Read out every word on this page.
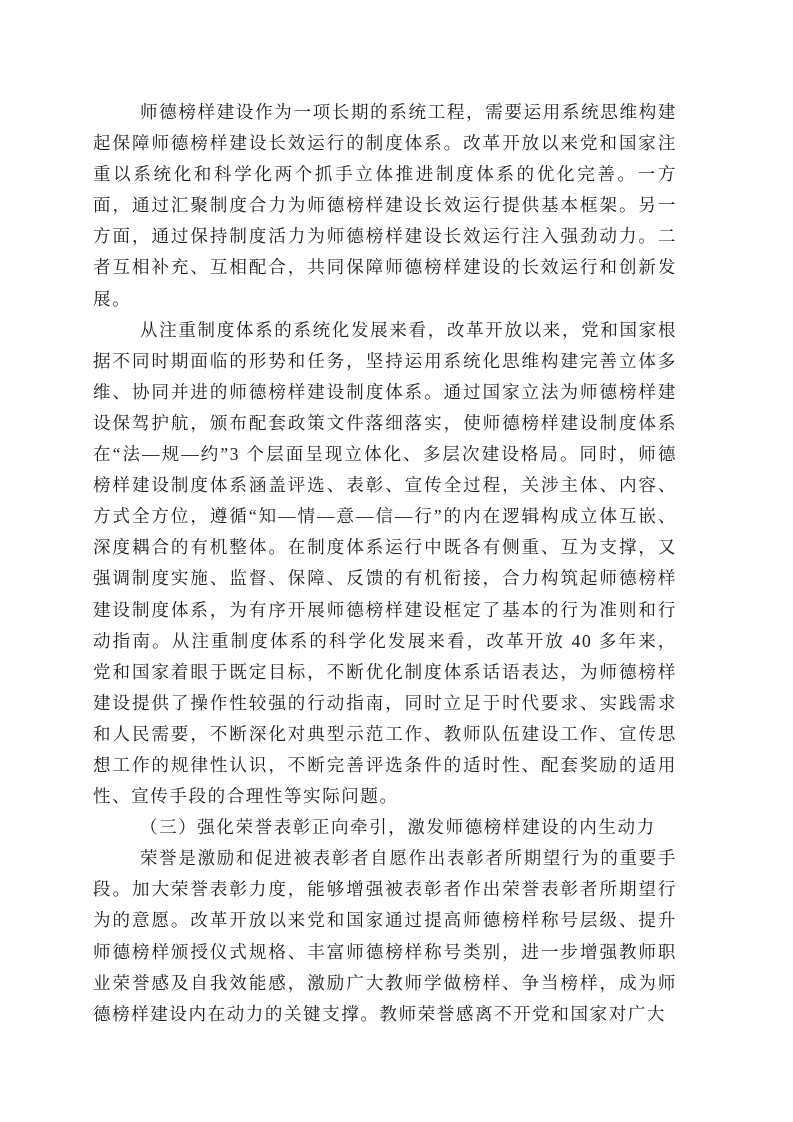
师德榜样建设作为一项长期的系统工程，需要运用系统思维构建起保障师德榜样建设长效运行的制度体系。改革开放以来党和国家注重以系统化和科学化两个抓手立体推进制度体系的优化完善。一方面，通过汇聚制度合力为师德榜样建设长效运行提供基本框架。另一方面，通过保持制度活力为师德榜样建设长效运行注入强劲动力。二者互相补充、互相配合，共同保障师德榜样建设的长效运行和创新发展。

从注重制度体系的系统化发展来看，改革开放以来，党和国家根据不同时期面临的形势和任务，坚持运用系统化思维构建完善立体多维、协同并进的师德榜样建设制度体系。通过国家立法为师德榜样建设保驾护航，颁布配套政策文件落细落实，使师德榜样建设制度体系在“法—规—约”3 个层面呈现立体化、多层次建设格局。同时，师德榜样建设制度体系涵盖评选、表彰、宣传全过程，关涉主体、内容、方式全方位，遵循“知—情—意—信—行”的内在逻辑构成立体互嵌、深度耦合的有机整体。在制度体系运行中既各有侧重、互为支撑，又强调制度实施、监督、保障、反馈的有机衔接，合力构筑起师德榜样建设制度体系，为有序开展师德榜样建设框定了基本的行为准则和行动指南。从注重制度体系的科学化发展来看，改革开放 40 多年来，党和国家着眼于既定目标，不断优化制度体系话语表达，为师德榜样建设提供了操作性较强的行动指南，同时立足于时代要求、实践需求和人民需要，不断深化对典型示范工作、教师队伍建设工作、宣传思想工作的规律性认识，不断完善评选条件的适时性、配套奖励的适用性、宣传手段的合理性等实际问题。

（三）强化荣誉表彰正向牵引，激发师德榜样建设的内生动力

荣誉是激励和促进被表彰者自愿作出表彰者所期望行为的重要手段。加大荣誉表彰力度，能够增强被表彰者作出荣誉表彰者所期望行为的意愿。改革开放以来党和国家通过提高师德榜样称号层级、提升师德榜样颁授仪式规格、丰富师德榜样称号类别，进一步增强教师职业荣誉感及自我效能感，激励广大教师学做榜样、争当榜样，成为师德榜样建设内在动力的关键支撑。教师荣誉感离不开党和国家对广大
